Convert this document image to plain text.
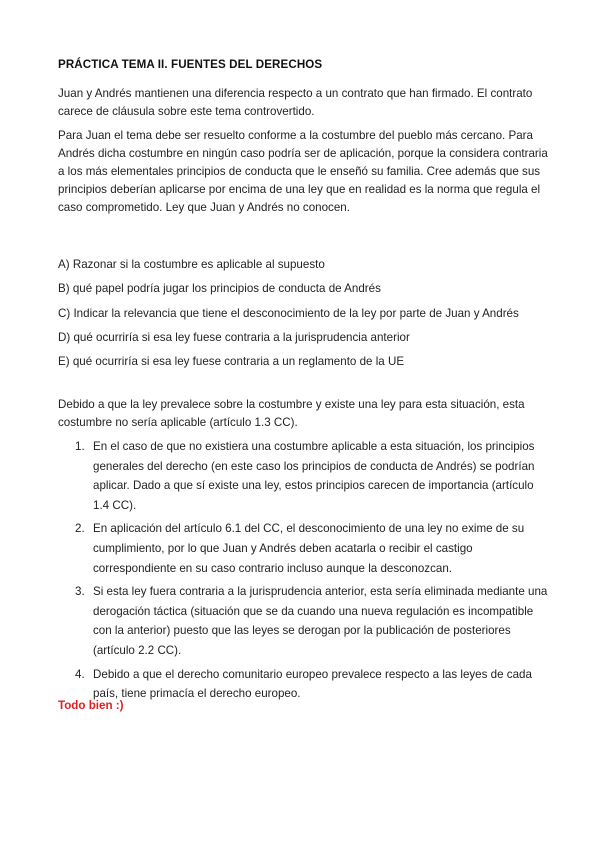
PRÁCTICA TEMA II. FUENTES DEL DERECHOS

Juan y Andrés mantienen una diferencia respecto a un contrato que han firmado. El contrato carece de cláusula sobre este tema controvertido.

Para Juan el tema debe ser resuelto conforme a la costumbre del pueblo más cercano. Para Andrés dicha costumbre en ningún caso podría ser de aplicación, porque la considera contraria a los más elementales principios de conducta que le enseñó su familia. Cree además que sus principios deberían aplicarse por encima de una ley que en realidad es la norma que regula el caso comprometido. Ley que Juan y Andrés no conocen.

A) Razonar si la costumbre es aplicable al supuesto

B) qué papel podría jugar los principios de conducta de Andrés

C) Indicar la relevancia que tiene el desconocimiento de la ley por parte de Juan y Andrés

D) qué ocurriría si esa ley fuese contraria a la jurisprudencia anterior

E) qué ocurriría si esa ley fuese contraria a un reglamento de la UE

Debido a que la ley prevalece sobre la costumbre y existe una ley para esta situación, esta costumbre no sería aplicable (artículo 1.3 CC).

1. En el caso de que no existiera una costumbre aplicable a esta situación, los principios generales del derecho (en este caso los principios de conducta de Andrés) se podrían aplicar. Dado a que sí existe una ley, estos principios carecen de importancia (artículo 1.4 CC).
2. En aplicación del artículo 6.1 del CC, el desconocimiento de una ley no exime de su cumplimiento, por lo que Juan y Andrés deben acatarla o recibir el castigo correspondiente en su caso contrario incluso aunque la desconozcan.
3. Si esta ley fuera contraria a la jurisprudencia anterior, esta sería eliminada mediante una derogación táctica (situación que se da cuando una nueva regulación es incompatible con la anterior) puesto que las leyes se derogan por la publicación de posteriores (artículo 2.2 CC).
4. Debido a que el derecho comunitario europeo prevalece respecto a las leyes de cada país, tiene primacía el derecho europeo.

Todo bien :)
